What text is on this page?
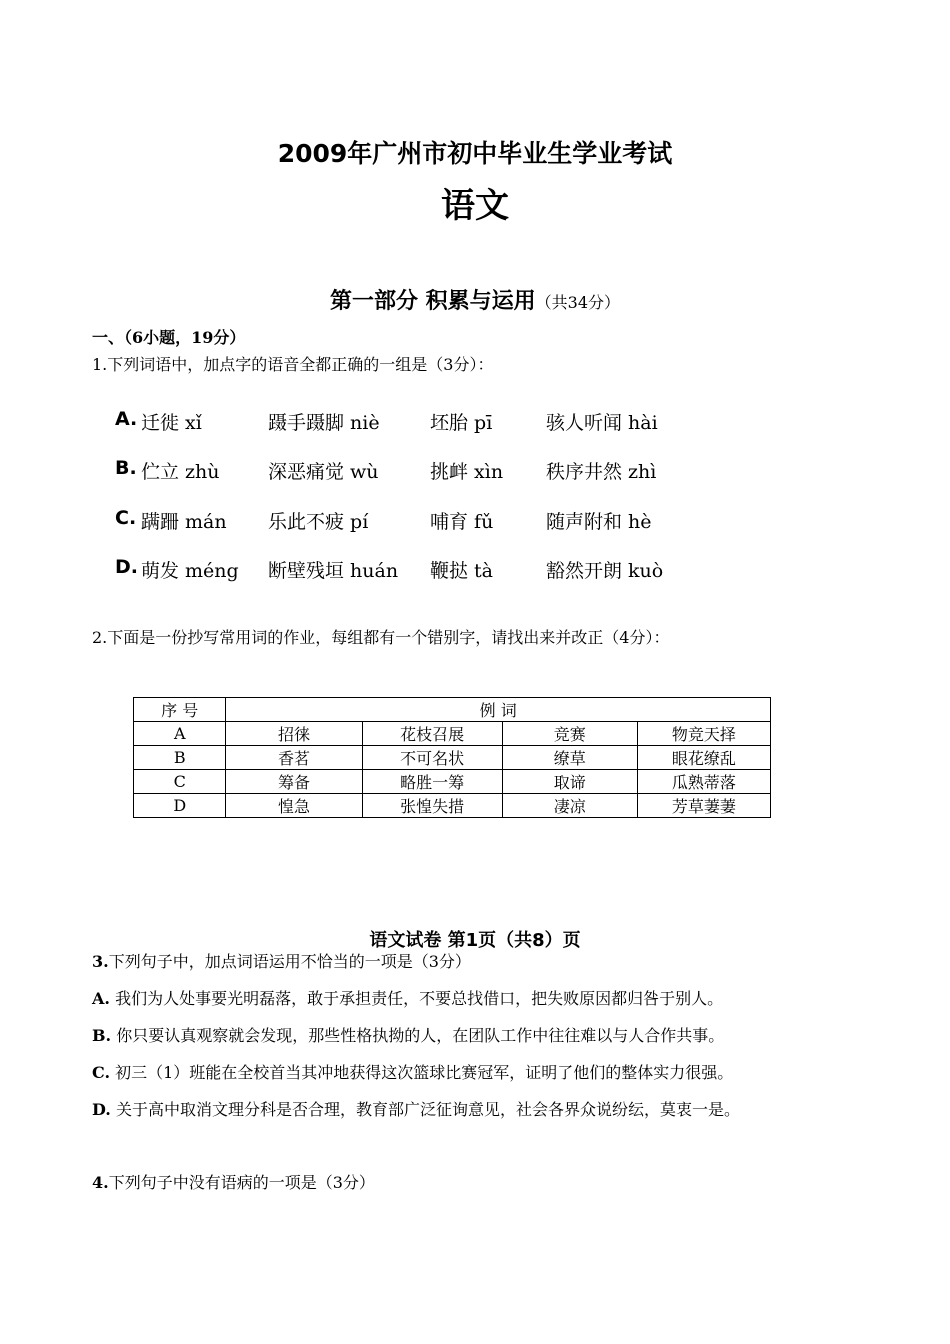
2009年广州市初中毕业生学业考试
语文
第一部分 积累与运用（共34分）
一、（6小题，19分）
1.下列词语中，加点字的语音全都正确的一组是（3分）：
A. 迁徙 xǐ	蹑手蹑脚 niè	坯胎 pī	骇人听闻 hài
B. 伫立 zhù	深恶痛觉 wù	挑衅 xìn 秩序井然 zhì
C. 蹒跚 mán 乐此不疲 pí	哺育 fǔ	随声附和 hè
D. 萌发 méng 断壁残垣 huán 鞭挞 tà	豁然开朗 kuò
2.下面是一份抄写常用词的作业，每组都有一个错别字，请找出来并改正（4分）：
序 号	例 词			
A	招徕	花枝召展	竞赛	物竞天择
B	香茗	不可名状	缭草	眼花缭乱
C	筹备	略胜一筹	取谛	瓜熟蒂落
D	惶急	张惶失措	凄凉	芳草萋萋
语文试卷 第1页（共8）页
3.下列句子中，加点词语运用不恰当的一项是（3分）
A. 我们为人处事要光明磊落，敢于承担责任，不要总找借口，把失败原因都归咎于别人。
B. 你只要认真观察就会发现，那些性格执拗的人，在团队工作中往往难以与人合作共事。
C. 初三（1）班能在全校首当其冲地获得这次篮球比赛冠军，证明了他们的整体实力很强。
D. 关于高中取消文理分科是否合理，教育部广泛征询意见，社会各界众说纷纭，莫衷一是。
4.下列句子中没有语病的一项是（3分）
